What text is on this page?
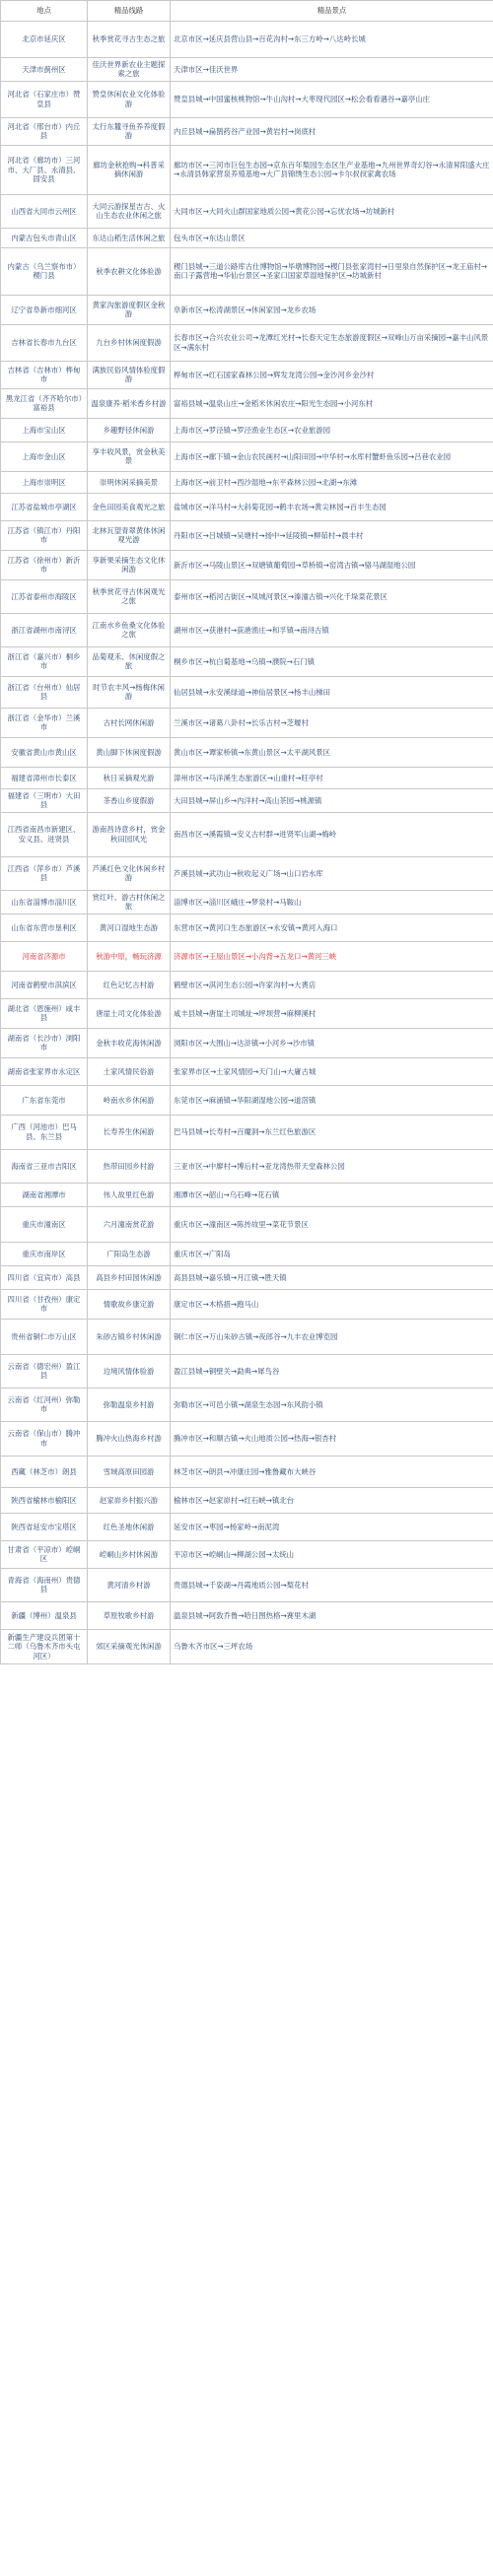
地点	精品线路	精品景点
北京市延庆区	秋季赏花寻古生态之旅	北京市区→延庆县营山县→百花沟村→东三方岭→八达岭长城
天津市蓟州区	佳沃世界新农业主题探索之旅	天津市区→佳沃世界
河北省（石家庄市）赞皇县	赞皇休闲农业文化体验游	赞皇县城→中国蜜核桃物馆→牛山沟村→大枣现代园区→松会看看遇谷→嘉亭山庄
河北省（邢台市）内丘县	太行东麓寻鱼养养度假游	内丘县城→扁鹊药谷产业园→黄岩村→岗底村
河北省（廊坊市）三河市、大厂县、永清县、固安县	廊坊金秋抢购→科普采摘休闲游	廊坊市区→三河市巨包生态园→京东百年梨园生态区生产业基地→九州世界奇幻谷→永清昇阳盛大庄→永清县韩家营泉养殖基地→大广县锦绣生态公园→卡尔叔叔家禽农场
山西省大同市云州区	大同云游探星吉古、火山生态农业休闲之旅	大同市区→大同火山群国家地质公园→黄花公园→忘忧农场→坊城新村
内蒙古包头市青山区	东达山稻生活休闲之旅	包头市区→东达山景区
内蒙古（乌兰察布市）稷门县	秋季农耕文化体验游	稷门县城→三道公路库古仕博物馆→毕墩博物园→稷门县张家湾村→日里泉自然保护区→龙王庙村→南口子露营地→华仙台景区→圣家口国家草湿地保护区→坊城新村
辽宁省阜新市细河区	黄家沟旅游度假区金秋游	阜新市区→松涛湖景区→休闲家园→龙乡农场
吉林省长春市九台区	九台乡村休闲度假游	长春市区→合兴农业公司→龙潭红光村→长春天定生态旅游度假区→双峰山万亩采摘园→嘉丰山风景区→满东村
吉林省（吉林市）桦甸市	满族民俗风情体验度假游	桦甸市区→红石国家森林公园→辉发龙湾公园→金沙河乡金沙村
黑龙江省（齐齐哈尔市）富裕县	温泉康养·稻米香乡村游	富裕县城→温泉山庄→金稻米休闲农庄→阳光生态园→小河东村
上海市宝山区	乡趣野径休闲游	上海市区→罗泾镇→罗泾渔业生态区→农业旅游园
上海市金山区	享丰收风景，赏金秋美景	上海市区→廊下镇→金山农民画村→山阳田园→中华村→水库村蟹虾鱼乐园→吕巷农业园
上海市崇明区	崇明休闲采摘美景	上海市区→前卫村→西沙湿地→东平森林公园→北湖→东滩
江苏省盐城市亭湖区	金色田园美食观光之旅	盐城市区→洋马村→大斜菊花园→鹤丰农场→黄尖林园→百丰生态园
江苏省（镇江市）丹阳市	北林瓦望青翠黄体休闲观光游	丹阳市区→吕城镇→吴塘村→扬中→延陵镇→柳茹村→晨丰村
江苏省（徐州市）新沂市	享新果采摘生态文化休闲游	新沂市区→马陵山景区→双塘镇葡萄园→草桥镇→窑湾古镇→骆马湖湿地公园
江苏省泰州市海陵区	秋季赏花寻古休闲观光之旅	泰州市区→稻河古街区→凤城河景区→溱潼古镇→兴化千垛菜花景区
浙江省湖州市南浔区	江南水乡鱼桑文化体验之旅	湖州市区→获港村→荻港渔庄→和孚镇→南浔古镇
浙江省（嘉兴市）桐乡市	品菊观禾、休闲度假之旅	桐乡市区→杭白菊基地→乌镇→濮院→石门镇
浙江省（台州市）仙居县	时节农丰风→杨梅休闲游	仙居县城→永安溪绿道→神仙居景区→杨丰山梯田
浙江省（金华市）兰溪市	古村长网休闲游	兰溪市区→诸葛八卦村→长乐古村→芝堰村
安徽省黄山市黄山区	黄山脚下休闲度假游	黄山市区→谭家桥镇→东黄山景区→太平湖风景区
福建省漳州市长泰区	秋日采摘观光游	漳州市区→马洋溪生态旅游区→山重村→旺亭村
福建省（三明市）大田县	茶香山乡度假游	大田县城→屏山乡→内洋村→高山茶园→桃源镇
江西省南昌市新建区、安义县、进贤县	游南昌诗意乡村，赏金秋田园风光	南昌市区→溪霞镇→安义古村群→进贤军山湖→梅岭
江西省（萍乡市）芦溪县	芦溪红色文化休闲乡村游	芦溪县城→武功山→秋收起义广场→山口岩水库
山东省淄博市淄川区	赏红叶、游古村休闲之旅	淄博市区→淄川区峨庄→梦泉村→马鞍山
山东省东营市垦利区	黄河口湿地生态游	东营市区→黄河口生态旅游区→永安镇→黄河入海口
河南省济源市	秋游中原，畅玩济源	济源市区→王屋山景区→小沟背→五龙口→黄河三峡
河南省鹤壁市淇滨区	红色记忆古村游	鹤壁市区→淇河生态公园→许家沟村→大赉店
湖北省（恩施州）咸丰县	唐崖土司文化体验游	咸丰县城→唐崖土司城址→坪坝营→麻柳溪村
湖南省（长沙市）浏阳市	金秋丰收花海休闲游	浏阳市区→大围山→达浒镇→小河乡→沙市镇
湖南省张家界市永定区	土家风情民俗游	张家界市区→土家风情园→天门山→大庸古城
广东省东莞市	岭南水乡休闲游	东莞市区→麻涌镇→华阳湖湿地公园→道滘镇
广西（河池市）巴马县、东兰县	长寿养生休闲游	巴马县城→长寿村→百魔洞→东兰红色旅游区
海南省三亚市吉阳区	热带田园乡村游	三亚市区→中廖村→博后村→亚龙湾热带天堂森林公园
湖南省湘潭市	伟人故里红色游	湘潭市区→韶山→乌石峰→花石镇
重庆市潼南区	六月潼南赏花游	重庆市区→潼南区→陈抟故里→菜花节景区
重庆市南岸区	广阳岛生态游	重庆市区→广阳岛
四川省（宜宾市）高县	高县乡村田园休闲游	高县县城→嘉乐镇→月江镇→胜天镇
四川省（甘孜州）康定市	情歌故乡康定游	康定市区→木格措→跑马山
贵州省铜仁市万山区	朱砂古镇乡村休闲游	铜仁市区→万山朱砂古镇→夜郎谷→九丰农业博览园
云南省（德宏州）盈江县	边境风情体验游	盈江县城→铜壁关→勐典→犀鸟谷
云南省（红河州）弥勒市	弥勒温泉乡村游	弥勒市区→可邑小镇→湖泉生态园→东风韵小镇
云南省（保山市）腾冲市	腾冲火山热海乡村游	腾冲市区→和顺古镇→火山地质公园→热海→银杏村
西藏（林芝市）朗县	雪域高原田园游	林芝市区→朗县→冲康庄园→雅鲁藏布大峡谷
陕西省榆林市榆阳区	赵家峁乡村振兴游	榆林市区→赵家峁村→红石峡→镇北台
陕西省延安市宝塔区	红色圣地休闲游	延安市区→枣园→杨家岭→南泥湾
甘肃省（平凉市）崆峒区	崆峒山乡村休闲游	平凉市区→崆峒山→柳湖公园→太统山
青海省（海南州）贵德县	黄河清乡村游	贵德县城→千姿湖→丹霞地质公园→梨花村
新疆（博州）温泉县	草原牧歌乡村游	温泉县城→阿敦乔鲁→哈日图热格→赛里木湖
新疆生产建设兵团第十二师（乌鲁木齐市头屯河区）	郊区采摘观光休闲游	乌鲁木齐市区→三坪农场
